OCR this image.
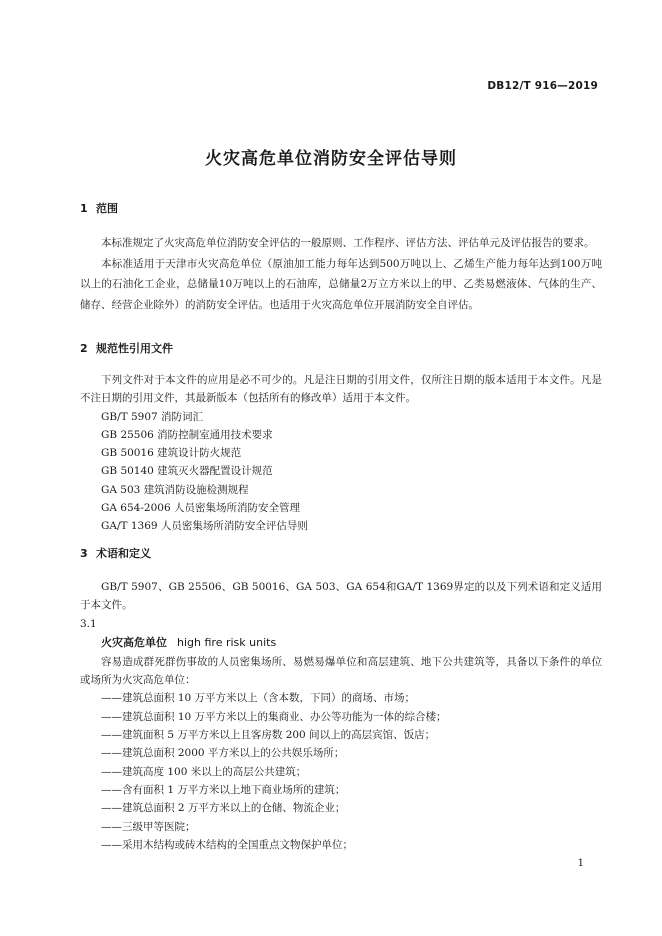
DB12/T 916—2019
火灾高危单位消防安全评估导则
1 范围

本标准规定了火灾高危单位消防安全评估的一般原则、工作程序、评估方法、评估单元及评估报告的要求。

本标准适用于天津市火灾高危单位（原油加工能力每年达到500万吨以上、乙烯生产能力每年达到100万吨以上的石油化工企业，总储量10万吨以上的石油库，总储量2万立方米以上的甲、乙类易燃液体、气体的生产、储存、经营企业除外）的消防安全评估。也适用于火灾高危单位开展消防安全自评估。

2 规范性引用文件

下列文件对于本文件的应用是必不可少的。凡是注日期的引用文件，仅所注日期的版本适用于本文件。凡是不注日期的引用文件，其最新版本（包括所有的修改单）适用于本文件。

GB/T 5907 消防词汇

GB 25506 消防控制室通用技术要求

GB 50016 建筑设计防火规范

GB 50140 建筑灭火器配置设计规范

GA 503 建筑消防设施检测规程

GA 654-2006 人员密集场所消防安全管理

GA/T 1369 人员密集场所消防安全评估导则

3 术语和定义

GB/T 5907、GB 25506、GB 50016、GA 503、GA 654和GA/T 1369界定的以及下列术语和定义适用于本文件。

3.1

火灾高危单位 high fire risk units

容易造成群死群伤事故的人员密集场所、易燃易爆单位和高层建筑、地下公共建筑等，具备以下条件的单位或场所为火灾高危单位：

——建筑总面积 10 万平方米以上（含本数，下同）的商场、市场；

——建筑总面积 10 万平方米以上的集商业、办公等功能为一体的综合楼；

——建筑面积 5 万平方米以上且客房数 200 间以上的高层宾馆、饭店；

——建筑总面积 2000 平方米以上的公共娱乐场所；

——建筑高度 100 米以上的高层公共建筑；

——含有面积 1 万平方米以上地下商业场所的建筑；

——建筑总面积 2 万平方米以上的仓储、物流企业；

——三级甲等医院；

——采用木结构或砖木结构的全国重点文物保护单位；

1
